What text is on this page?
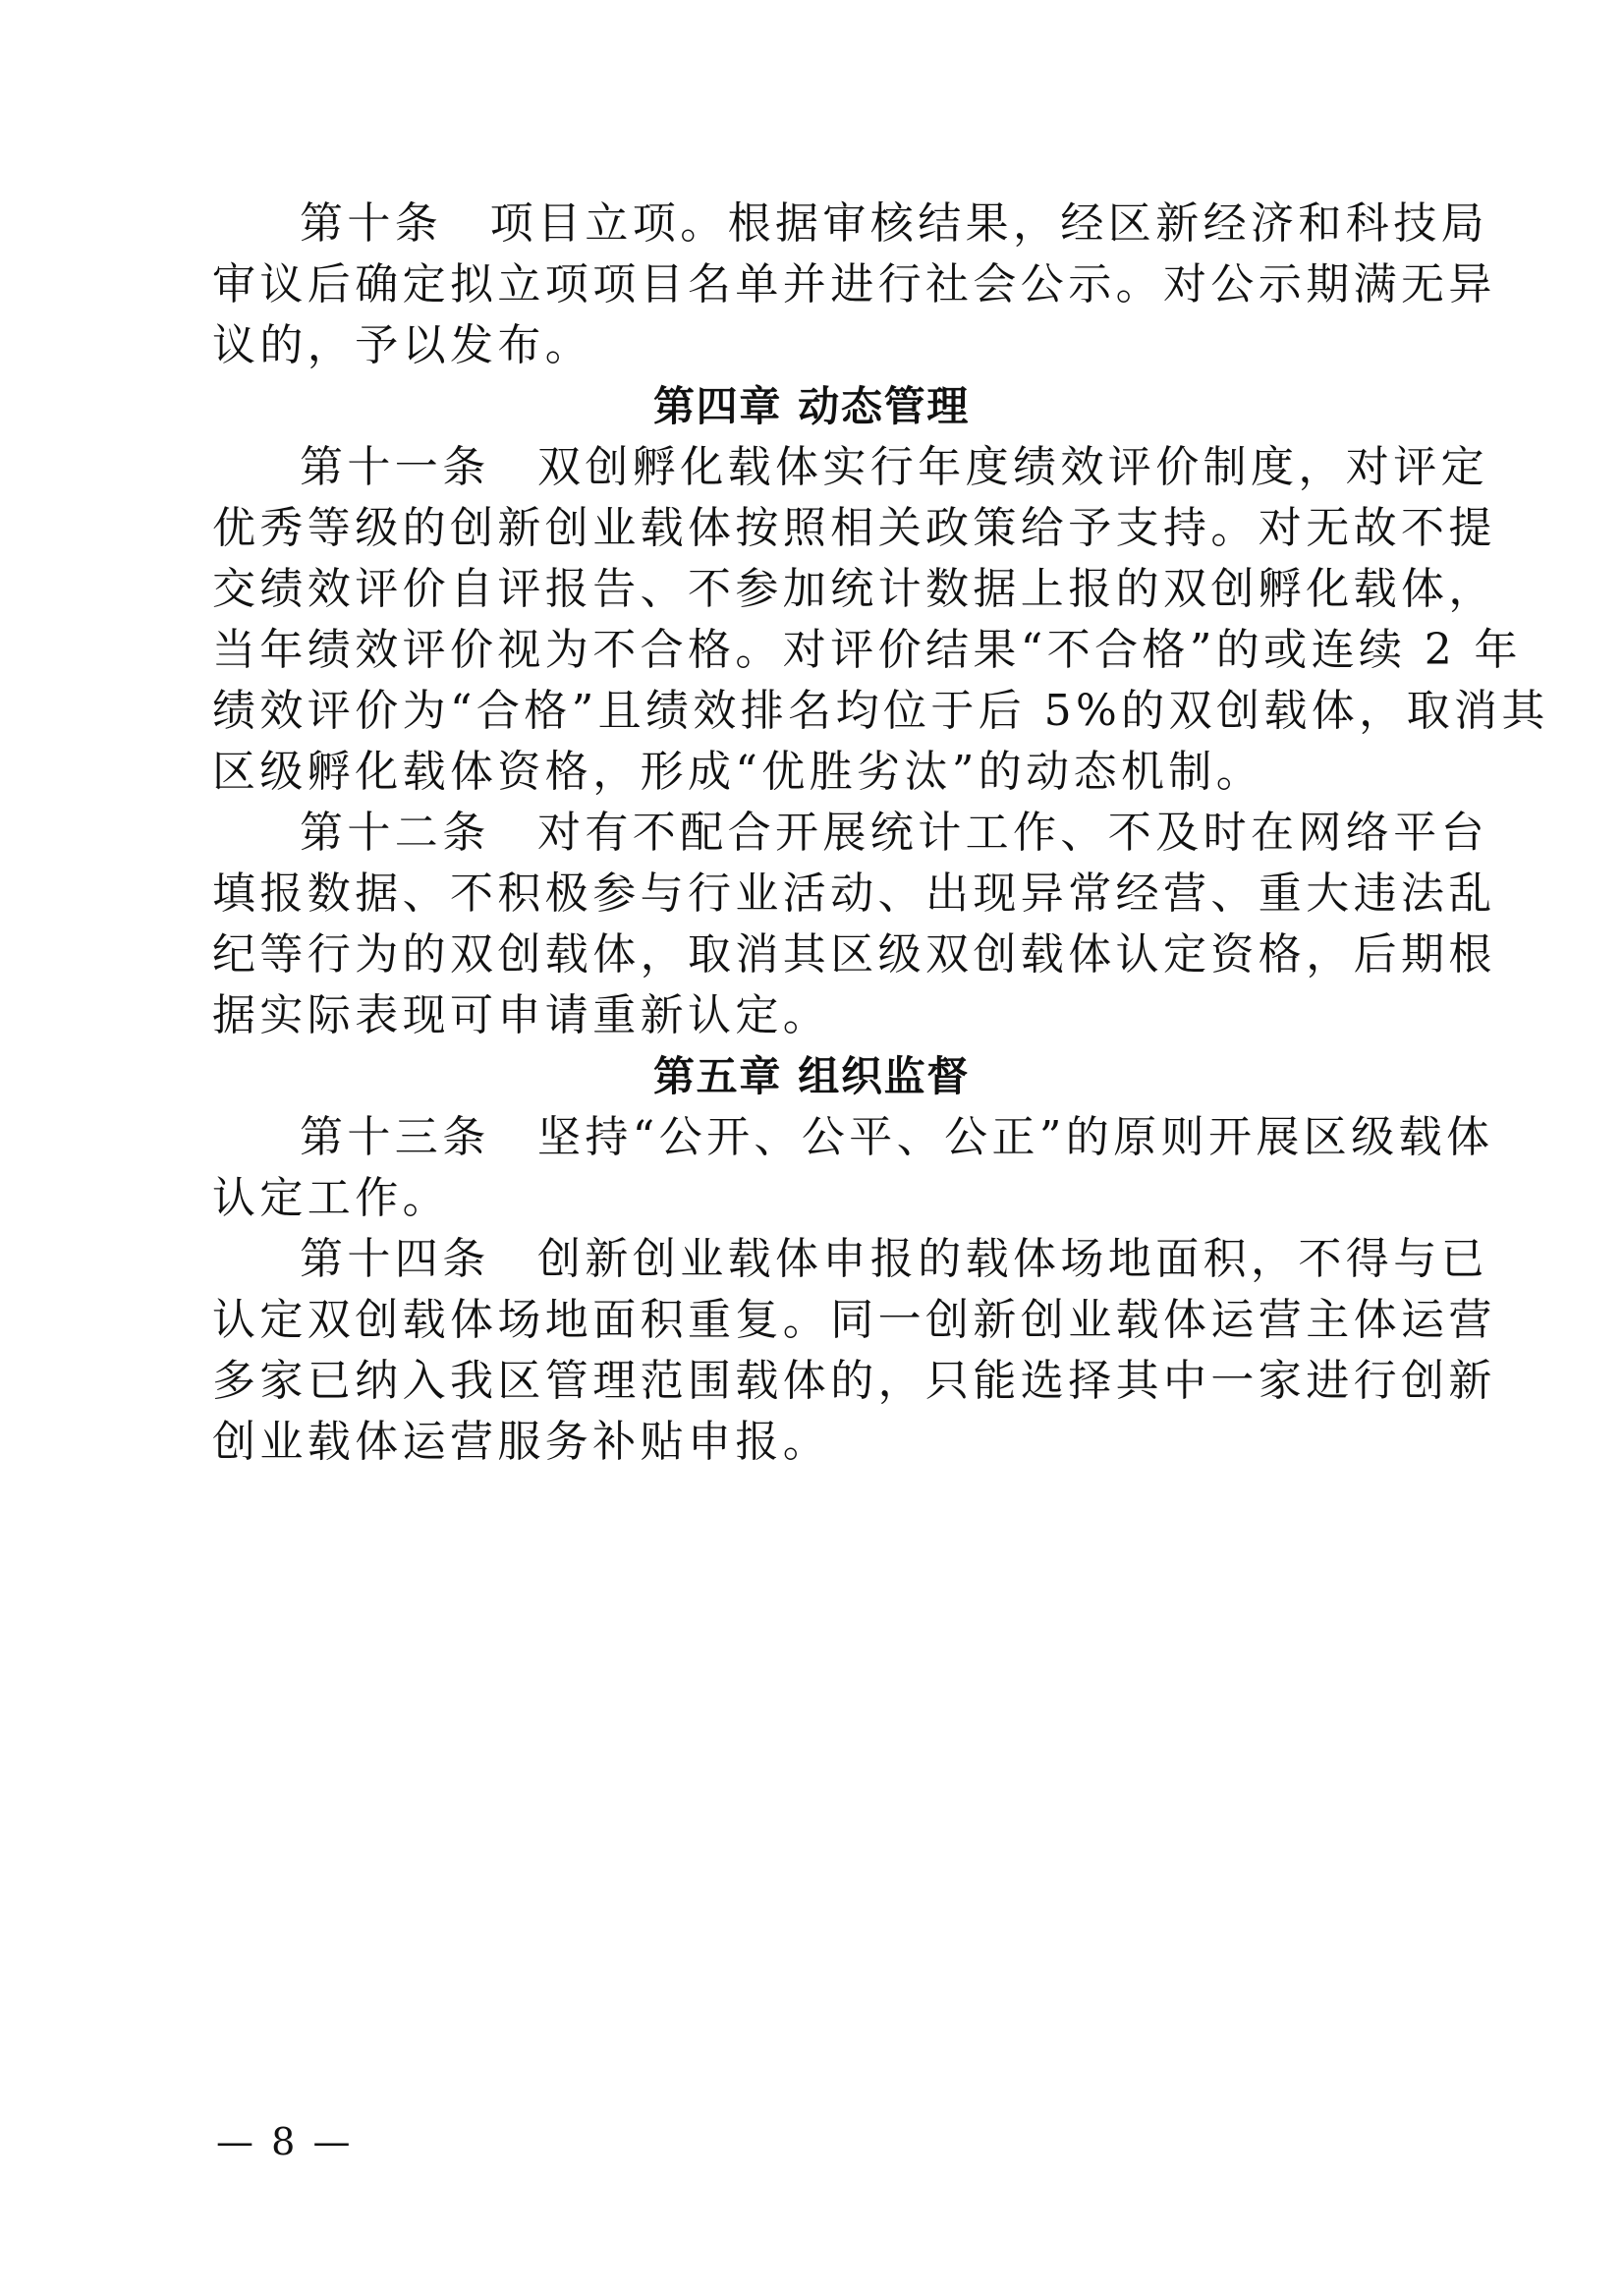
第十条　项目立项。根据审核结果，经区新经济和科技局
审议后确定拟立项项目名单并进行社会公示。对公示期满无异
议的，予以发布。
第四章 动态管理
第十一条　双创孵化载体实行年度绩效评价制度，对评定
优秀等级的创新创业载体按照相关政策给予支持。对无故不提
交绩效评价自评报告、不参加统计数据上报的双创孵化载体，
当年绩效评价视为不合格。对评价结果“不合格”的或连续 2 年
绩效评价为“合格”且绩效排名均位于后 5%的双创载体，取消其
区级孵化载体资格，形成“优胜劣汰”的动态机制。
第十二条　对有不配合开展统计工作、不及时在网络平台
填报数据、不积极参与行业活动、出现异常经营、重大违法乱
纪等行为的双创载体，取消其区级双创载体认定资格，后期根
据实际表现可申请重新认定。
第五章 组织监督
第十三条　坚持“公开、公平、公正”的原则开展区级载体
认定工作。
第十四条　创新创业载体申报的载体场地面积，不得与已
认定双创载体场地面积重复。同一创新创业载体运营主体运营
多家已纳入我区管理范围载体的，只能选择其中一家进行创新
创业载体运营服务补贴申报。
— 8 —
